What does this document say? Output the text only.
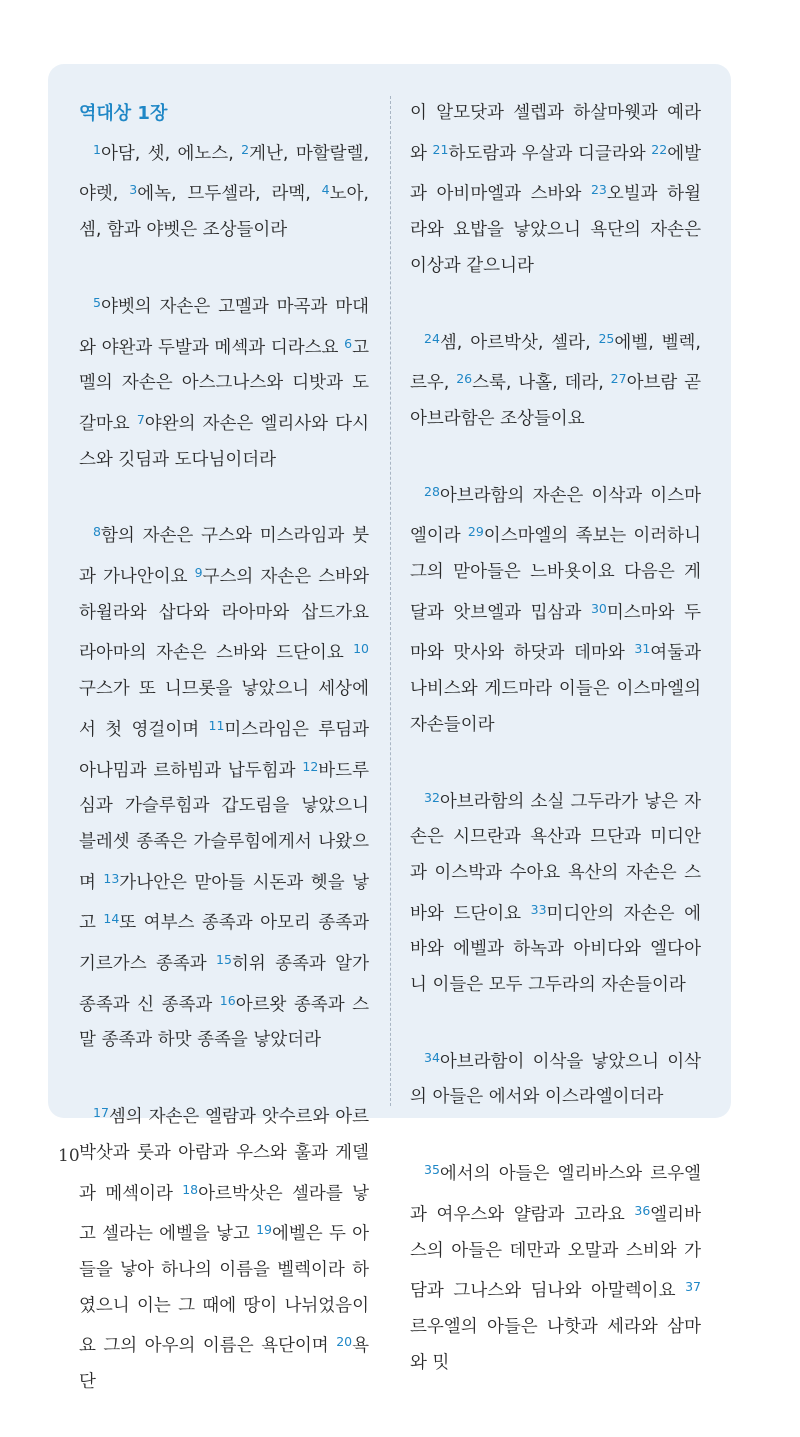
역대상 1장

$^1$아담, 셋, 에노스, $^2$게난, 마할랄렐, 야렛, $^3$에녹, 므두셀라, 라멕, $^4$노아, 셈, 함과 야벳은 조상들이라

$^5$야벳의 자손은 고멜과 마곡과 마대와 야완과 두발과 메섹과 디라스요 $^6$고멜의 자손은 아스그나스와 디밧과 도갈마요 $^7$야완의 자손은 엘리사와 다시스와 깃딤과 도다님이더라

$^8$함의 자손은 구스와 미스라임과 붓과 가나안이요 $^9$구스의 자손은 스바와 하윌라와 삽다와 라아마와 삽드가요 라아마의 자손은 스바와 드단이요 $^{10}$구스가 또 니므롯을 낳았으니 세상에서 첫 영걸이며 $^{11}$미스라임은 루딤과 아나밈과 르하빔과 납두힘과 $^{12}$바드루심과 가슬루힘과 갑도림을 낳았으니 블레셋 종족은 가슬루힘에게서 나왔으며 $^{13}$가나안은 맏아들 시돈과 헷을 낳고 $^{14}$또 여부스 종족과 아모리 종족과 기르가스 종족과 $^{15}$히위 종족과 알가 종족과 신 종족과 $^{16}$아르왓 종족과 스말 종족과 하맛 종족을 낳았더라

$^{17}$셈의 자손은 엘람과 앗수르와 아르박삿과 룻과 아람과 우스와 훌과 게델과 메섹이라 $^{18}$아르박삿은 셀라를 낳고 셀라는 에벨을 낳고 $^{19}$에벨은 두 아들을 낳아 하나의 이름을 벨렉이라 하였으니 이는 그 때에 땅이 나뉘었음이요 그의 아우의 이름은 욕단이며 $^{20}$욕단

이 알모닷과 셀렙과 하살마웻과 예라와 $^{21}$하도람과 우살과 디글라와 $^{22}$에발과 아비마엘과 스바와 $^{23}$오빌과 하윌라와 요밥을 낳았으니 욕단의 자손은 이상과 같으니라

$^{24}$셈, 아르박삿, 셀라, $^{25}$에벨, 벨렉, 르우, $^{26}$스룩, 나홀, 데라, $^{27}$아브람 곧 아브라함은 조상들이요

$^{28}$아브라함의 자손은 이삭과 이스마엘이라 $^{29}$이스마엘의 족보는 이러하니 그의 맏아들은 느바욧이요 다음은 게달과 앗브엘과 밉삼과 $^{30}$미스마와 두마와 맛사와 하닷과 데마와 $^{31}$여둘과 나비스와 게드마라 이들은 이스마엘의 자손들이라

$^{32}$아브라함의 소실 그두라가 낳은 자손은 시므란과 욕산과 므단과 미디안과 이스박과 수아요 욕산의 자손은 스바와 드단이요 $^{33}$미디안의 자손은 에바와 에벨과 하녹과 아비다와 엘다아니 이들은 모두 그두라의 자손들이라

$^{34}$아브라함이 이삭을 낳았으니 이삭의 아들은 에서와 이스라엘이더라

$^{35}$에서의 아들은 엘리바스와 르우엘과 여우스와 얄람과 고라요 $^{36}$엘리바스의 아들은 데만과 오말과 스비와 가담과 그나스와 딤나와 아말렉이요 $^{37}$르우엘의 아들은 나핫과 세라와 삼마와 밋

10
